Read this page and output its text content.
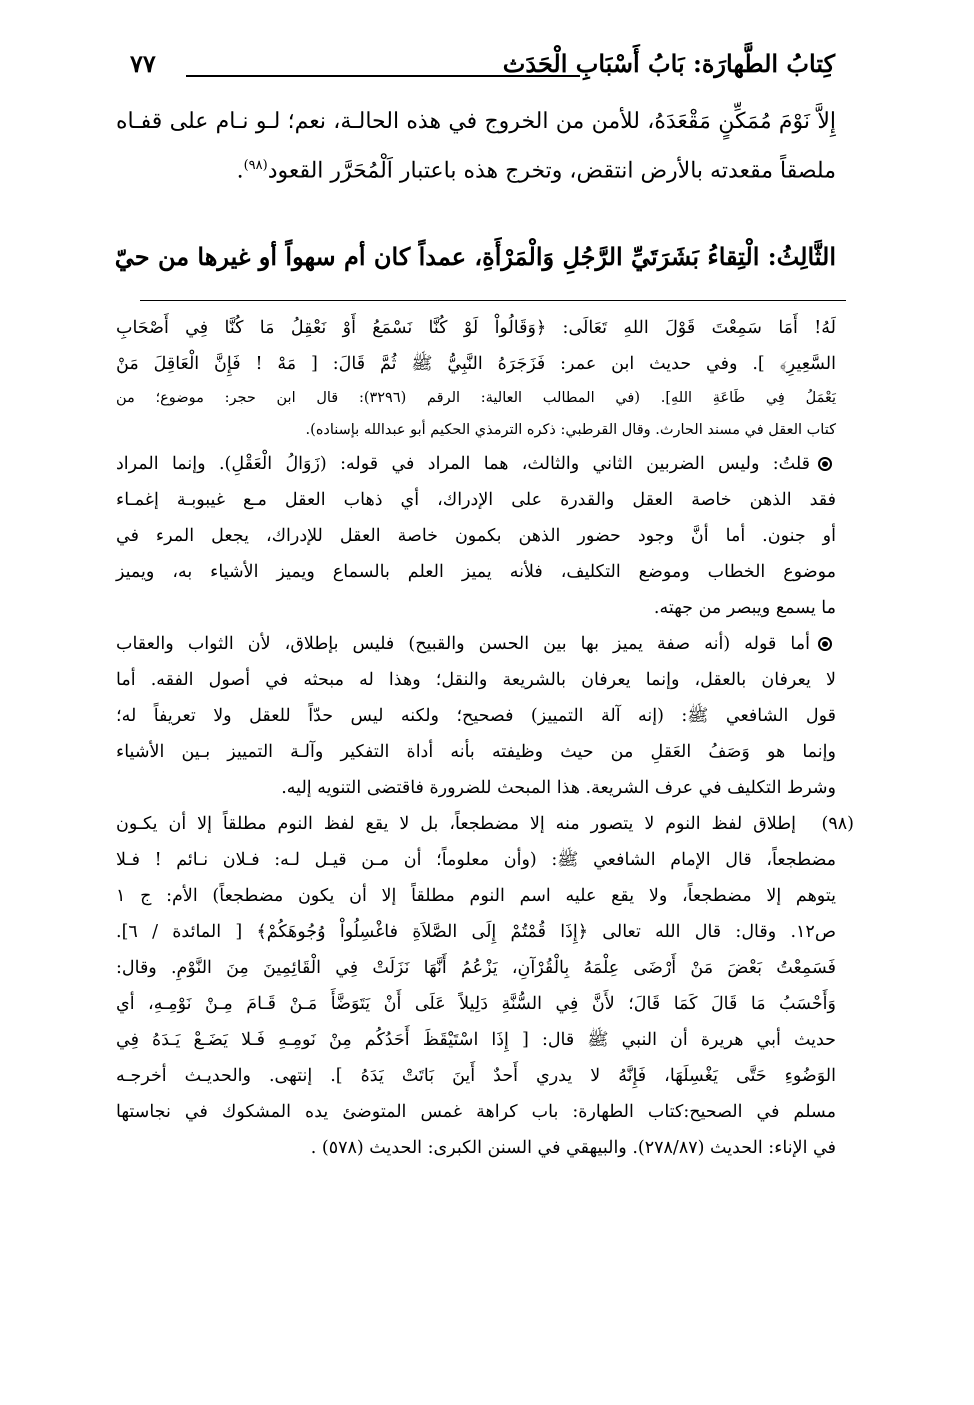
كِتابُ الطَّهارَة: بَابُ أَسْبَابِ الْحَدَث
٧٧
إِلاَّ نَوْمَ مُمَكِّنٍ مَقْعَدَهُ، للأمن من الخروج في هذه الحالـة، نعم؛ لـو نـام على قفـاه
ملصقاً مقعدته بالأرض انتقض، وتخرج هذه باعتبار اَلْمُحَرَّر القعود$^{(٩٨)}$.
الثَّالِثُ: الْتِقاءُ بَشَرَتَيِّ الرَّجُلِ وَالْمَرْأَةِ، عمداً كان أم سهواً أو غيرها من حيّ
لَهُ! أَمَا سَمِعْتَ قَوْلَ اللهِ تَعَالَى: ﴿وَقَالُواْ لَوْ كُنَّا نَسْمَعُ أَوْ نَعْقِلُ مَا كُنَّا فِي أَصْحَابِ
السَّعِيرِ﴾ ]. وفي حديث ابن عمر: فَزَجَرَهُ النَّبِيُّ ﷺ ثُمَّ قَالَ: [ مَهْ ! فَإِنَّ الْعَاقِلَ مَنْ
يَعْمَلُ فِي طَاعَةِ اللهِ]. (في المطالب العالية: الرقم (٣٢٩٦): قال ابن حجر: موضوع؛ من
كتاب العقل في مسند الحارث. وقال القرطبي: ذكره الترمذي الحكيم أبو عبدالله بإسناده).
قلتُ: وليس الضربين الثاني والثالث، هما المراد في قوله: (زَوَالُ الْعَقْلِ). وإنما المراد
فقد الذهن خاصة العقل والقدرة على الإدراك، أي ذهاب العقل مـع غيبوبـة إغمـاء
أو جنون. أما أنَّ وجود حضور الذهن بكمون خاصة العقل للإدراك، يجعل المرء في
موضوع الخطاب وموضع التكليف، فلأنه يميز العلم بالسماع ويميز الأشياء به، ويميز
ما يسمع ويبصر من جهته.
أما قوله (أنه صفة يميز بها بين الحسن والقبيح) فليس بإطلاق، لأن الثواب والعقاب
لا يعرفان بالعقل، وإنما يعرفان بالشريعة والنقل؛ وهذا له مبحثه في أصول الفقه. أما
قول الشافعي ﷺ: (إنه آلة التمييز) فصحيح؛ ولكنه ليس حدّاً للعقل ولا تعريفاً له؛
وإنما هو وَصَفُ العَقلِ من حيث وظيفته بأنه أداة التفكير وآلـة التمييز بـين الأشياء
وشرط التكليف في عرف الشريعة. هذا المبحث للضرورة فاقتضى التنويه إليه.
(٩٨)
إطلاق لفظ النوم لا يتصور منه إلا مضطجعاً، بل لا يقع لفظ النوم مطلقاً إلا أن يكـون
مضطجعاً، قال الإمام الشافعي ﷺ: (وأن معلوماً؛ أن مـن قيـل لـه: فـلان نـائم ! فـلا
يتوهم إلا مضطجعاً، ولا يقع عليه اسم النوم مطلقاً إلا أن يكون مضطجعاً) الأم: ج ١
ص١٢. وقال: قال الله تعالى ﴿إِذَا قُمْتُمْ إِلَى الصَّلاَةِ فاغْسِلُواْ وُجُوهَكُمْ﴾ [ المائدة / ٦].
فَسَمِعْتُ بَعْضَ مَنْ أَرْضَى عِلْمَهُ بِالْقُرْآنِ، يَزْعُمُ أَنَّهَا نَزَلَتْ فِي الْقَائِمِينَ مِنَ النَّوْمِ. وقال:
وَأَحْسَبُ مَا قَالَ كَمَا قَالَ؛ لأَنَّ فِي السُّنَّةِ دَلِيلاً عَلَى أَنْ يَتَوَضَّأَ مَـنْ قَـامَ مِـنْ نَوْمِـهِ، أي
حديث أبي هريرة أن النبي ﷺ قال: [ إِذَا اسْتَيْقَظَ أَحَدُكُم مِنْ نَومِـهِ فَـلا يَضَـعْ يَـدَهُ فِي
الوَضُوءِ حَتَّى يَغْسِلَهَا، فَإِنَّهُ لا يدري أَحدٌ أَينَ بَاتَتْ يَدَهُ ]. إنتهى. والحديـث أخرجـه
مسلم في الصحيح:كتاب الطهارة: باب كراهة غمس المتوضئ يده المشكوك في نجاستها
في الإناء: الحديث (٢٧٨/٨٧). والبيهقي في السنن الكبرى: الحديث (٥٧٨) .
